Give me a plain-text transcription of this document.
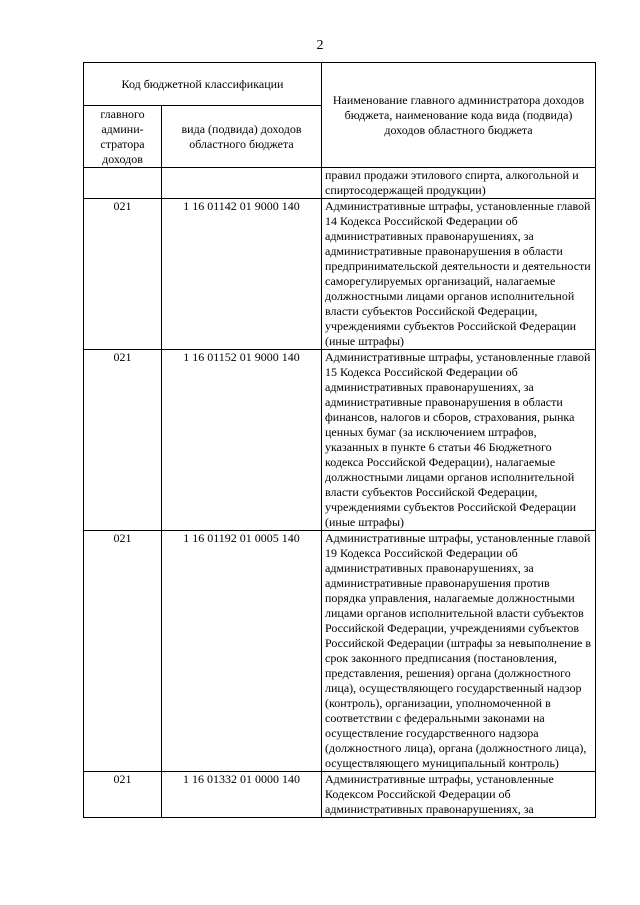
2
Код бюджетной классификации		Наименование главного администратора доходов бюджета, наименование кода вида (подвида) доходов областного бюджета
главного админи-стратора доходов	вида (подвида) доходов областного бюджета	
		правил продажи этилового спирта, алкогольной и спиртосодержащей продукции)
021	1 16 01142 01 9000 140	Административные штрафы, установленные главой 14 Кодекса Российской Федерации об административных правонарушениях, за административные правонарушения в области предпринимательской деятельности и деятельности саморегулируемых организаций, налагаемые должностными лицами органов исполнительной власти субъектов Российской Федерации, учреждениями субъектов Российской Федерации (иные штрафы)
021	1 16 01152 01 9000 140	Административные штрафы, установленные главой 15 Кодекса Российской Федерации об административных правонарушениях, за административные правонарушения в области финансов, налогов и сборов, страхования, рынка ценных бумаг (за исключением штрафов, указанных в пункте 6 статьи 46 Бюджетного кодекса Российской Федерации), налагаемые должностными лицами органов исполнительной власти субъектов Российской Федерации, учреждениями субъектов Российской Федерации (иные штрафы)
021	1 16 01192 01 0005 140	Административные штрафы, установленные главой 19 Кодекса Российской Федерации об административных правонарушениях, за административные правонарушения против порядка управления, налагаемые должностными лицами органов исполнительной власти субъектов Российской Федерации, учреждениями субъектов Российской Федерации (штрафы за невыполнение в срок законного предписания (постановления, представления, решения) органа (должностного лица), осуществляющего государственный надзор (контроль), организации, уполномоченной в соответствии с федеральными законами на осуществление государственного надзора (должностного лица), органа (должностного лица), осуществляющего муниципальный контроль)
021	1 16 01332 01 0000 140	Административные штрафы, установленные Кодексом Российской Федерации об административных правонарушениях, за
